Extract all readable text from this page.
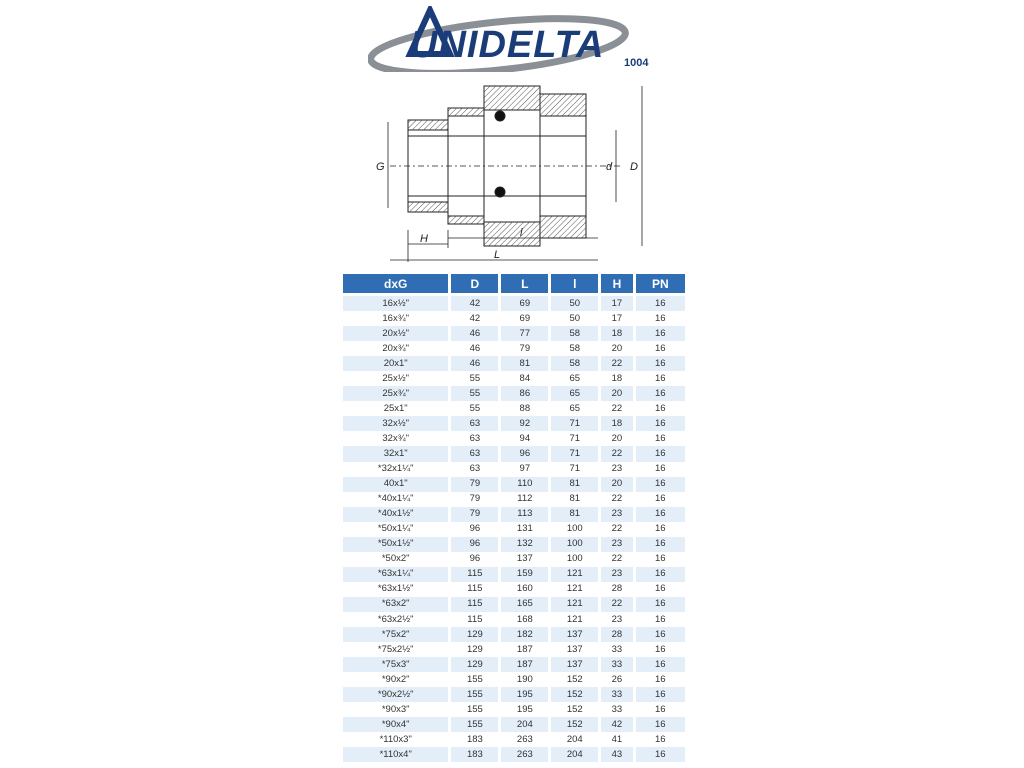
UNIDELTA 1004
G	d D
H	l
L
dxG	D	L	l	H	PN

16x½"	42	69	50	17	16
16x¾"	42	69	50	17	16
20x½"	46	77	58	18	16
20x¾"	46	79	58	20	16
20x1"	46	81	58	22	16
25x½"	55	84	65	18	16
25x¾"	55	86	65	20	16
25x1"	55	88	65	22	16
32x½"	63	92	71	18	16
32x¾"	63	94	71	20	16
32x1"	63	96	71	22	16
*32x1¼"	63	97	71	23	16
40x1"	79	110	81	20	16
*40x1¼"	79	112	81	22	16
*40x1½"	79	113	81	23	16
*50x1¼"	96	131	100	22	16
*50x1½"	96	132	100	23	16
*50x2"	96	137	100	22	16
*63x1¼"	115	159	121	23	16
*63x1½"	115	160	121	28	16
*63x2"	115	165	121	22	16
*63x2½"	115	168	121	23	16
*75x2"	129	182	137	28	16
*75x2½"	129	187	137	33	16
*75x3"	129	187	137	33	16
*90x2"	155	190	152	26	16
*90x2½"	155	195	152	33	16
*90x3"	155	195	152	33	16
*90x4"	155	204	152	42	16
*110x3"	183	263	204	41	16
*110x4"	183	263	204	43	16
